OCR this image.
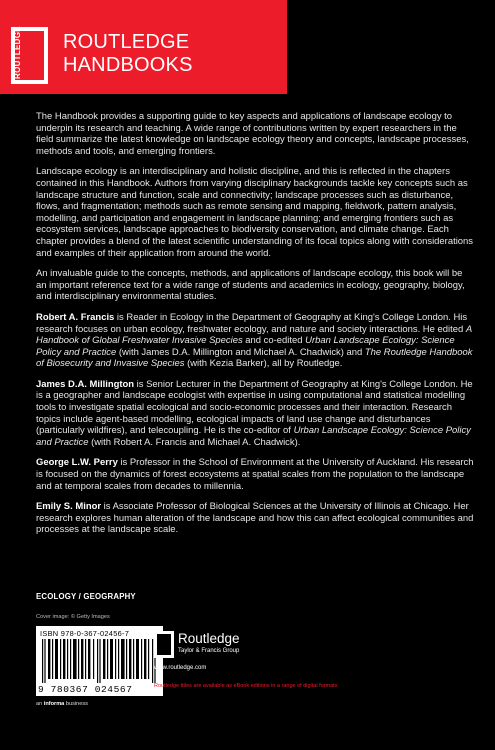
ROUTLEDGE ROUTLEDGE
HANDBOOKS

The Handbook provides a supporting guide to key aspects and applications of landscape ecology to underpin its research and teaching. A wide range of contributions written by expert researchers in the field summarize the latest knowledge on landscape ecology theory and concepts, landscape processes, methods and tools, and emerging frontiers.

Landscape ecology is an interdisciplinary and holistic discipline, and this is reflected in the chapters contained in this Handbook. Authors from varying disciplinary backgrounds tackle key concepts such as landscape structure and function, scale and connectivity; landscape processes such as disturbance, flows, and fragmentation; methods such as remote sensing and mapping, fieldwork, pattern analysis, modelling, and participation and engagement in landscape planning; and emerging frontiers such as ecosystem services, landscape approaches to biodiversity conservation, and climate change. Each chapter provides a blend of the latest scientific understanding of its focal topics along with considerations and examples of their application from around the world.

An invaluable guide to the concepts, methods, and applications of landscape ecology, this book will be an important reference text for a wide range of students and academics in ecology, geography, biology, and interdisciplinary environmental studies.

Robert A. Francis is Reader in Ecology in the Department of Geography at King's College London. His research focuses on urban ecology, freshwater ecology, and nature and society interactions. He edited A Handbook of Global Freshwater Invasive Species and co-edited Urban Landscape Ecology: Science Policy and Practice (with James D.A. Millington and Michael A. Chadwick) and The Routledge Handbook of Biosecurity and Invasive Species (with Kezia Barker), all by Routledge.

James D.A. Millington is Senior Lecturer in the Department of Geography at King's College London. He is a geographer and landscape ecologist with expertise in using computational and statistical modelling tools to investigate spatial ecological and socio-economic processes and their interaction. Research topics include agent-based modelling, ecological impacts of land use change and disturbances (particularly wildfires), and telecoupling. He is the co-editor of Urban Landscape Ecology: Science Policy and Practice (with Robert A. Francis and Michael A. Chadwick).

George L.W. Perry is Professor in the School of Environment at the University of Auckland. His research is focused on the dynamics of forest ecosystems at spatial scales from the population to the landscape and at temporal scales from decades to millennia.

Emily S. Minor is Associate Professor of Biological Sciences at the University of Illinois at Chicago. Her research explores human alteration of the landscape and how this can affect ecological communities and processes at the landscape scale.

ECOLOGY / GEOGRAPHY
Cover image: © Getty Images
ISBN 978-0-367-02456-7
9 780367 024567
an informa business
Routledge
Taylor & Francis Group
www.routledge.com
Routledge titles are available as eBook editions in a range of digital formats
